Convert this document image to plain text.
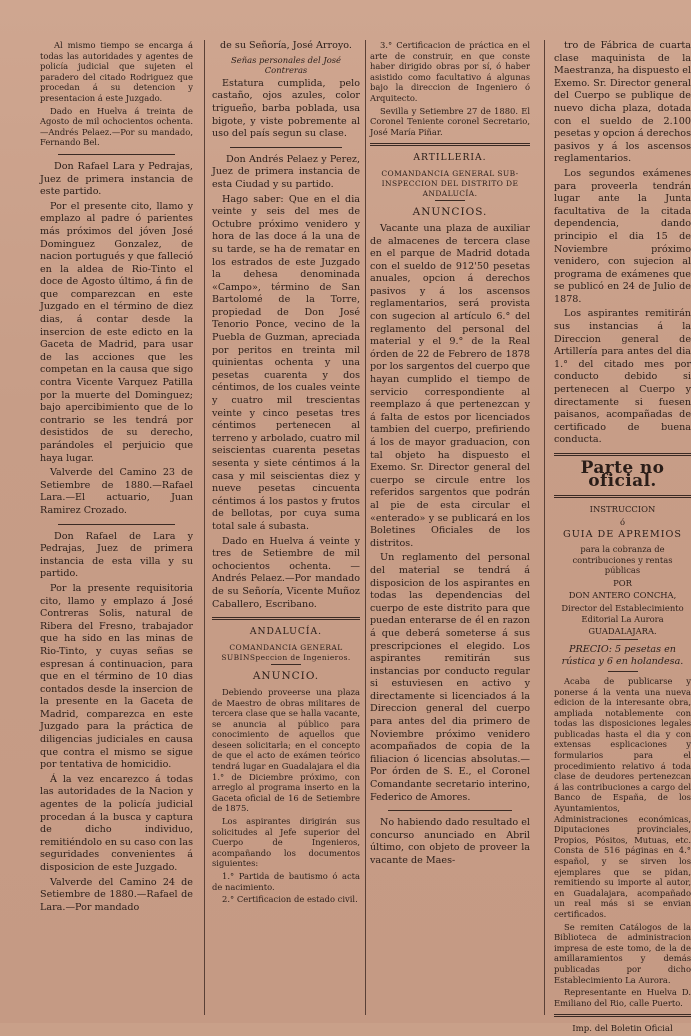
Al mismo tiempo se encarga á todas las autoridades y agentes de policía judicial que sujeten el paradero del citado Rodriguez que procedan á su detencion y presentacion á este Juzgado.

Dado en Huelva á treinta de Agosto de mil ochocientos ochenta.—Andrés Pelaez.—Por su mandado, Fernando Bel.

Don Rafael Lara y Pedrajas, Juez de primera instancia de este partido.

Por el presente cito, llamo y emplazo al padre ó parientes más próximos del jóven José Dominguez Gonzalez, de nacion portugués y que falleció en la aldea de Rio-Tinto el doce de Agosto último, á fin de que comparezcan en este Juzgado en el término de diez dias, á contar desde la insercion de este edicto en la Gaceta de Madrid, para usar de las acciones que les competan en la causa que sigo contra Vicente Varquez Patilla por la muerte del Dominguez; bajo apercibimiento que de lo contrario se les tendrá por desistidos de su derecho, parándoles el perjuicio que haya lugar.

Valverde del Camino 23 de Setiembre de 1880.—Rafael Lara.—El actuario, Juan Ramirez Crozado.

Don Rafael de Lara y Pedrajas, Juez de primera instancia de esta villa y su partido.

Por la presente requisitoria cito, llamo y emplazo á José Contreras Solis, natural de Ribera del Fresno, trabajador que ha sido en las minas de Rio-Tinto, y cuyas señas se espresan á continuacion, para que en el término de 10 dias contados desde la insercion de la presente en la Gaceta de Madrid, comparezca en este Juzgado para la práctica de diligencias judiciales en causa que contra el mismo se sigue por tentativa de homicidio.

Á la vez encarezco á todas las autoridades de la Nacion y agentes de la policía judicial procedan á la busca y captura de dicho individuo, remitiéndolo en su caso con las seguridades convenientes á disposicion de este Juzgado.

Valverde del Camino 24 de Setiembre de 1880.—Rafael de Lara.—Por mandado

de su Señoría, José Arroyo.

Señas personales del José Contreras

Estatura cumplida, pelo castaño, ojos azules, color trigueño, barba poblada, usa bigote, y viste pobremente al uso del país segun su clase.

Don Andrés Pelaez y Perez, Juez de primera instancia de esta Ciudad y su partido.

Hago saber: Que en el dia veinte y seis del mes de Octubre próximo venidero y hora de las doce á la una de su tarde, se ha de rematar en los estrados de este Juzgado la dehesa denominada «Campo», término de San Bartolomé de la Torre, propiedad de Don José Tenorio Ponce, vecino de la Puebla de Guzman, apreciada por peritos en treinta mil quinientas ochenta y una pesetas cuarenta y dos céntimos, de los cuales veinte y cuatro mil trescientas veinte y cinco pesetas tres céntimos pertenecen al terreno y arbolado, cuatro mil seiscientas cuarenta pesetas sesenta y siete céntimos á la casa y mil seiscientas diez y nueve pesetas cincuenta céntimos á los pastos y frutos de bellotas, por cuya suma total sale á subasta.

Dado en Huelva á veinte y tres de Setiembre de mil ochocientos ochenta. — Andrés Pelaez.—Por mandado de su Señoría, Vicente Muñoz Caballero, Escribano.

ANDALUCÍA.
COMANDANCIA GENERAL SUBINSpeccion de Ingenieros.
ANUNCIO.

Debiendo proveerse una plaza de Maestro de obras militares de tercera clase que se halla vacante, se anuncia al público para conocimiento de aquellos que deseen solicitarla; en el concepto de que el acto de exámen teórico tendrá lugar en Guadalajara el dia 1.° de Diciembre próximo, con arreglo al programa inserto en la Gaceta oficial de 16 de Setiembre de 1875.

Los aspirantes dirigirán sus solicitudes al Jefe superior del Cuerpo de Ingenieros, acompañando los documentos siguientes:

1.° Partida de bautismo ó acta de nacimiento.

2.° Certificacion de estado civil.

3.° Certificacion de práctica en el arte de construir, en que conste haber dirigido obras por sí, ó haber asistido como facultativo á algunas bajo la direccion de Ingeniero ó Arquitecto.

Sevilla y Setiembre 27 de 1880. El Coronel Teniente coronel Secretario, José María Piñar.

ARTILLERIA.
COMANDANCIA GENERAL SUB-INSPECCION DEL DISTRITO DE ANDALUCÍA.
ANUNCIOS.

Vacante una plaza de auxiliar de almacenes de tercera clase en el parque de Madrid dotada con el sueldo de 912'50 pesetas anuales, opcion á derechos pasivos y á los ascensos reglamentarios, será provista con sugecion al artículo 6.° del reglamento del personal del material y el 9.° de la Real órden de 22 de Febrero de 1878 por los sargentos del cuerpo que hayan cumplido el tiempo de servicio correspondiente al reemplazo á que pertenezcan y á falta de estos por licenciados tambien del cuerpo, prefiriendo á los de mayor graduacion, con tal objeto ha dispuesto el Exemo. Sr. Director general del cuerpo se circule entre los referidos sargentos que podrán al pie de esta circular el «enterado» y se publicará en los Boletines Oficiales de los distritos.

Un reglamento del personal del material se tendrá á disposicion de los aspirantes en todas las dependencias del cuerpo de este distrito para que puedan enterarse de él en razon á que deberá someterse á sus prescripciones el elegido. Los aspirantes remitirán sus instancias por conducto regular si estuviesen en activo y directamente si licenciados á la Direccion general del cuerpo para antes del dia primero de Noviembre próximo venidero acompañados de copia de la filiacion ó licencias absolutas.— Por órden de S. E., el Coronel Comandante secretario interino, Federico de Amores.

No habiendo dado resultado el concurso anunciado en Abril último, con objeto de proveer la vacante de Maes-

tro de Fábrica de cuarta clase maquinista de la Maestranza, ha dispuesto el Exemo. Sr. Director general del Cuerpo se publique de nuevo dicha plaza, dotada con el sueldo de 2.100 pesetas y opcion á derechos pasivos y á los ascensos reglamentarios.

Los segundos exámenes para proveerla tendrán lugar ante la Junta facultativa de la citada dependencia, dando principio el dia 15 de Noviembre próximo venidero, con sujecion al programa de exámenes que se publicó en 24 de Julio de 1878.

Los aspirantes remitirán sus instancias á la Direccion general de Artillería para antes del dia 1.° del citado mes por conducto debido si pertenecen al Cuerpo y directamente si fuesen paisanos, acompañadas de certificado de buena conducta.

Parte no oficial.

INSTRUCCION

ó

GUIA DE APREMIOS

para la cobranza de contribuciones y rentas públicas

POR

DON ANTERO CONCHA,

Director del Establecimiento Editorial La Aurora

GUADALAJARA.

PRECIO: 5 pesetas en rústica y 6 en holandesa.

Acaba de publicarse y ponerse á la venta una nueva edicion de la interesante obra, ampliada notablemente con todas las disposiciones legales publicadas hasta el dia y con extensas esplicaciones y formularios para el procedimiento relativo á toda clase de deudores pertenezcan á las contribuciones a cargo del Banco de España, de los Ayuntamientos, Administraciones económicas, Diputaciones provinciales, Propios, Pósitos, Mutuas, etc. Consta de 516 páginas en 4.° español, y se sirven los ejemplares que se pidan, remitiendo su importe al autor, en Guadalajara, acompañado un real más si se envian certificados.

Se remiten Catálogos de la Biblioteca de administracion impresa de este tomo, de la de amillaramientos y demás publicadas por dicho Establecimiento La Aurora.

Representante en Huelva D. Emiliano del Rio, calle Puerto.

Imp. del Boletin Oficial
